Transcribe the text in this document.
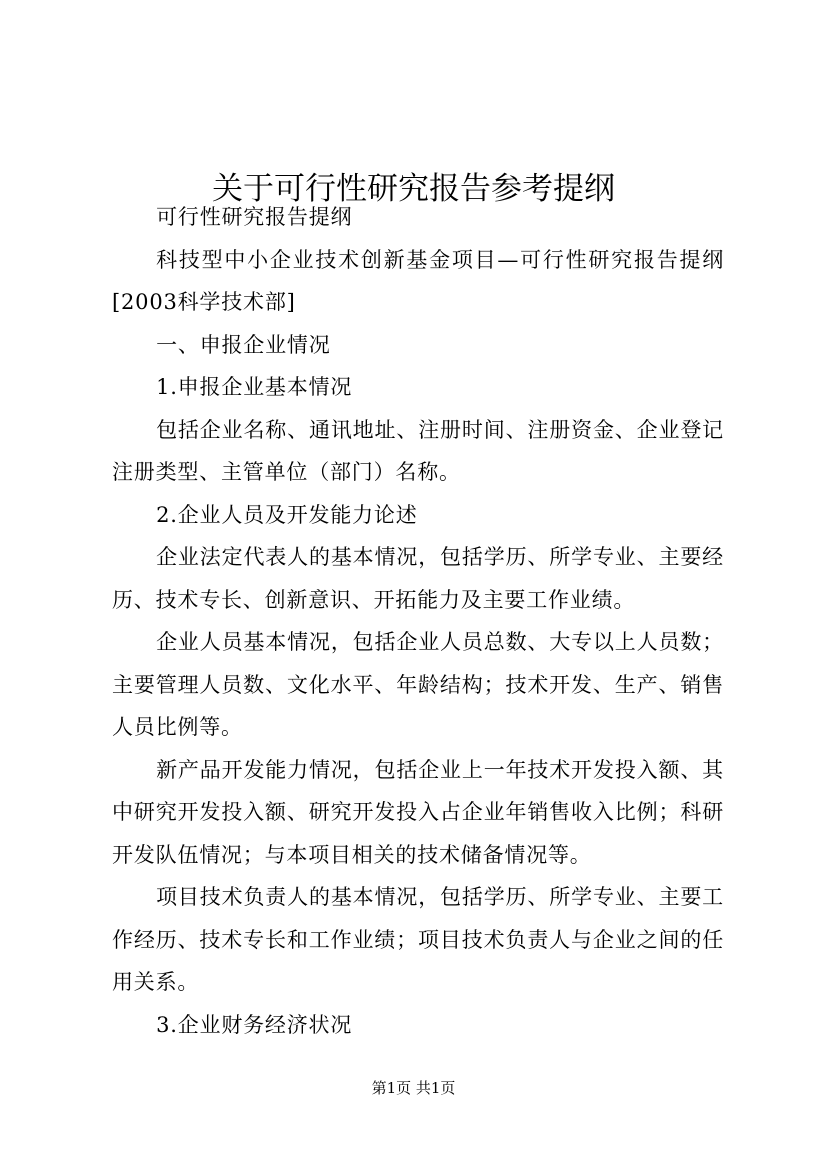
关于可行性研究报告参考提纲

可行性研究报告提纲

科技型中小企业技术创新基金项目—可行性研究报告提纲[2003科学技术部]

一、申报企业情况

1.申报企业基本情况

包括企业名称、通讯地址、注册时间、注册资金、企业登记注册类型、主管单位（部门）名称。

2.企业人员及开发能力论述

企业法定代表人的基本情况，包括学历、所学专业、主要经历、技术专长、创新意识、开拓能力及主要工作业绩。

企业人员基本情况，包括企业人员总数、大专以上人员数；主要管理人员数、文化水平、年龄结构；技术开发、生产、销售人员比例等。

新产品开发能力情况，包括企业上一年技术开发投入额、其中研究开发投入额、研究开发投入占企业年销售收入比例；科研开发队伍情况；与本项目相关的技术储备情况等。

项目技术负责人的基本情况，包括学历、所学专业、主要工作经历、技术专长和工作业绩；项目技术负责人与企业之间的任用关系。

3.企业财务经济状况

第1页 共1页
